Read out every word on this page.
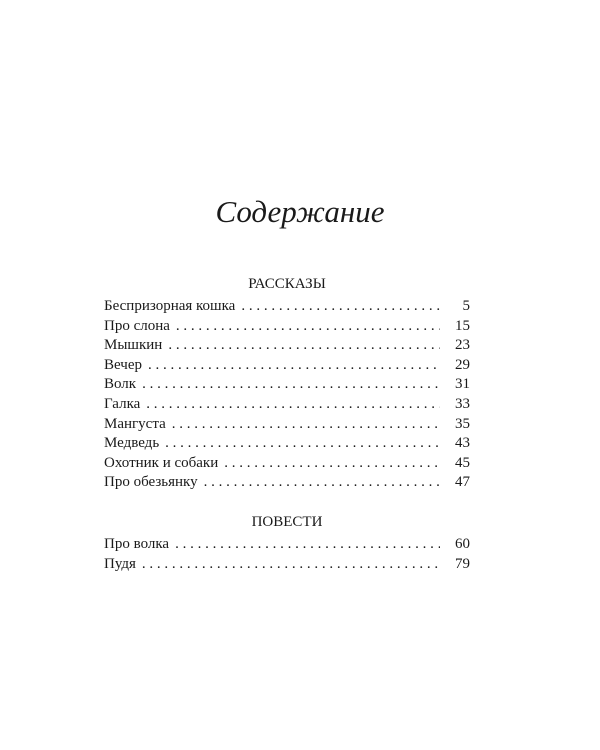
Содержание
РАССКАЗЫ
Беспризорная кошка . . .	5
Про слона . . .	15
Мышкин . . .	23
Вечер . . .	29
Волк . . .	31
Галка . . .	33
Мангуста . . .	35
Медведь . . .	43
Охотник и собаки . . .	45
Про обезьянку . . .	47
ПОВЕСТИ
Про волка . . .	60
Пудя . . .	79
